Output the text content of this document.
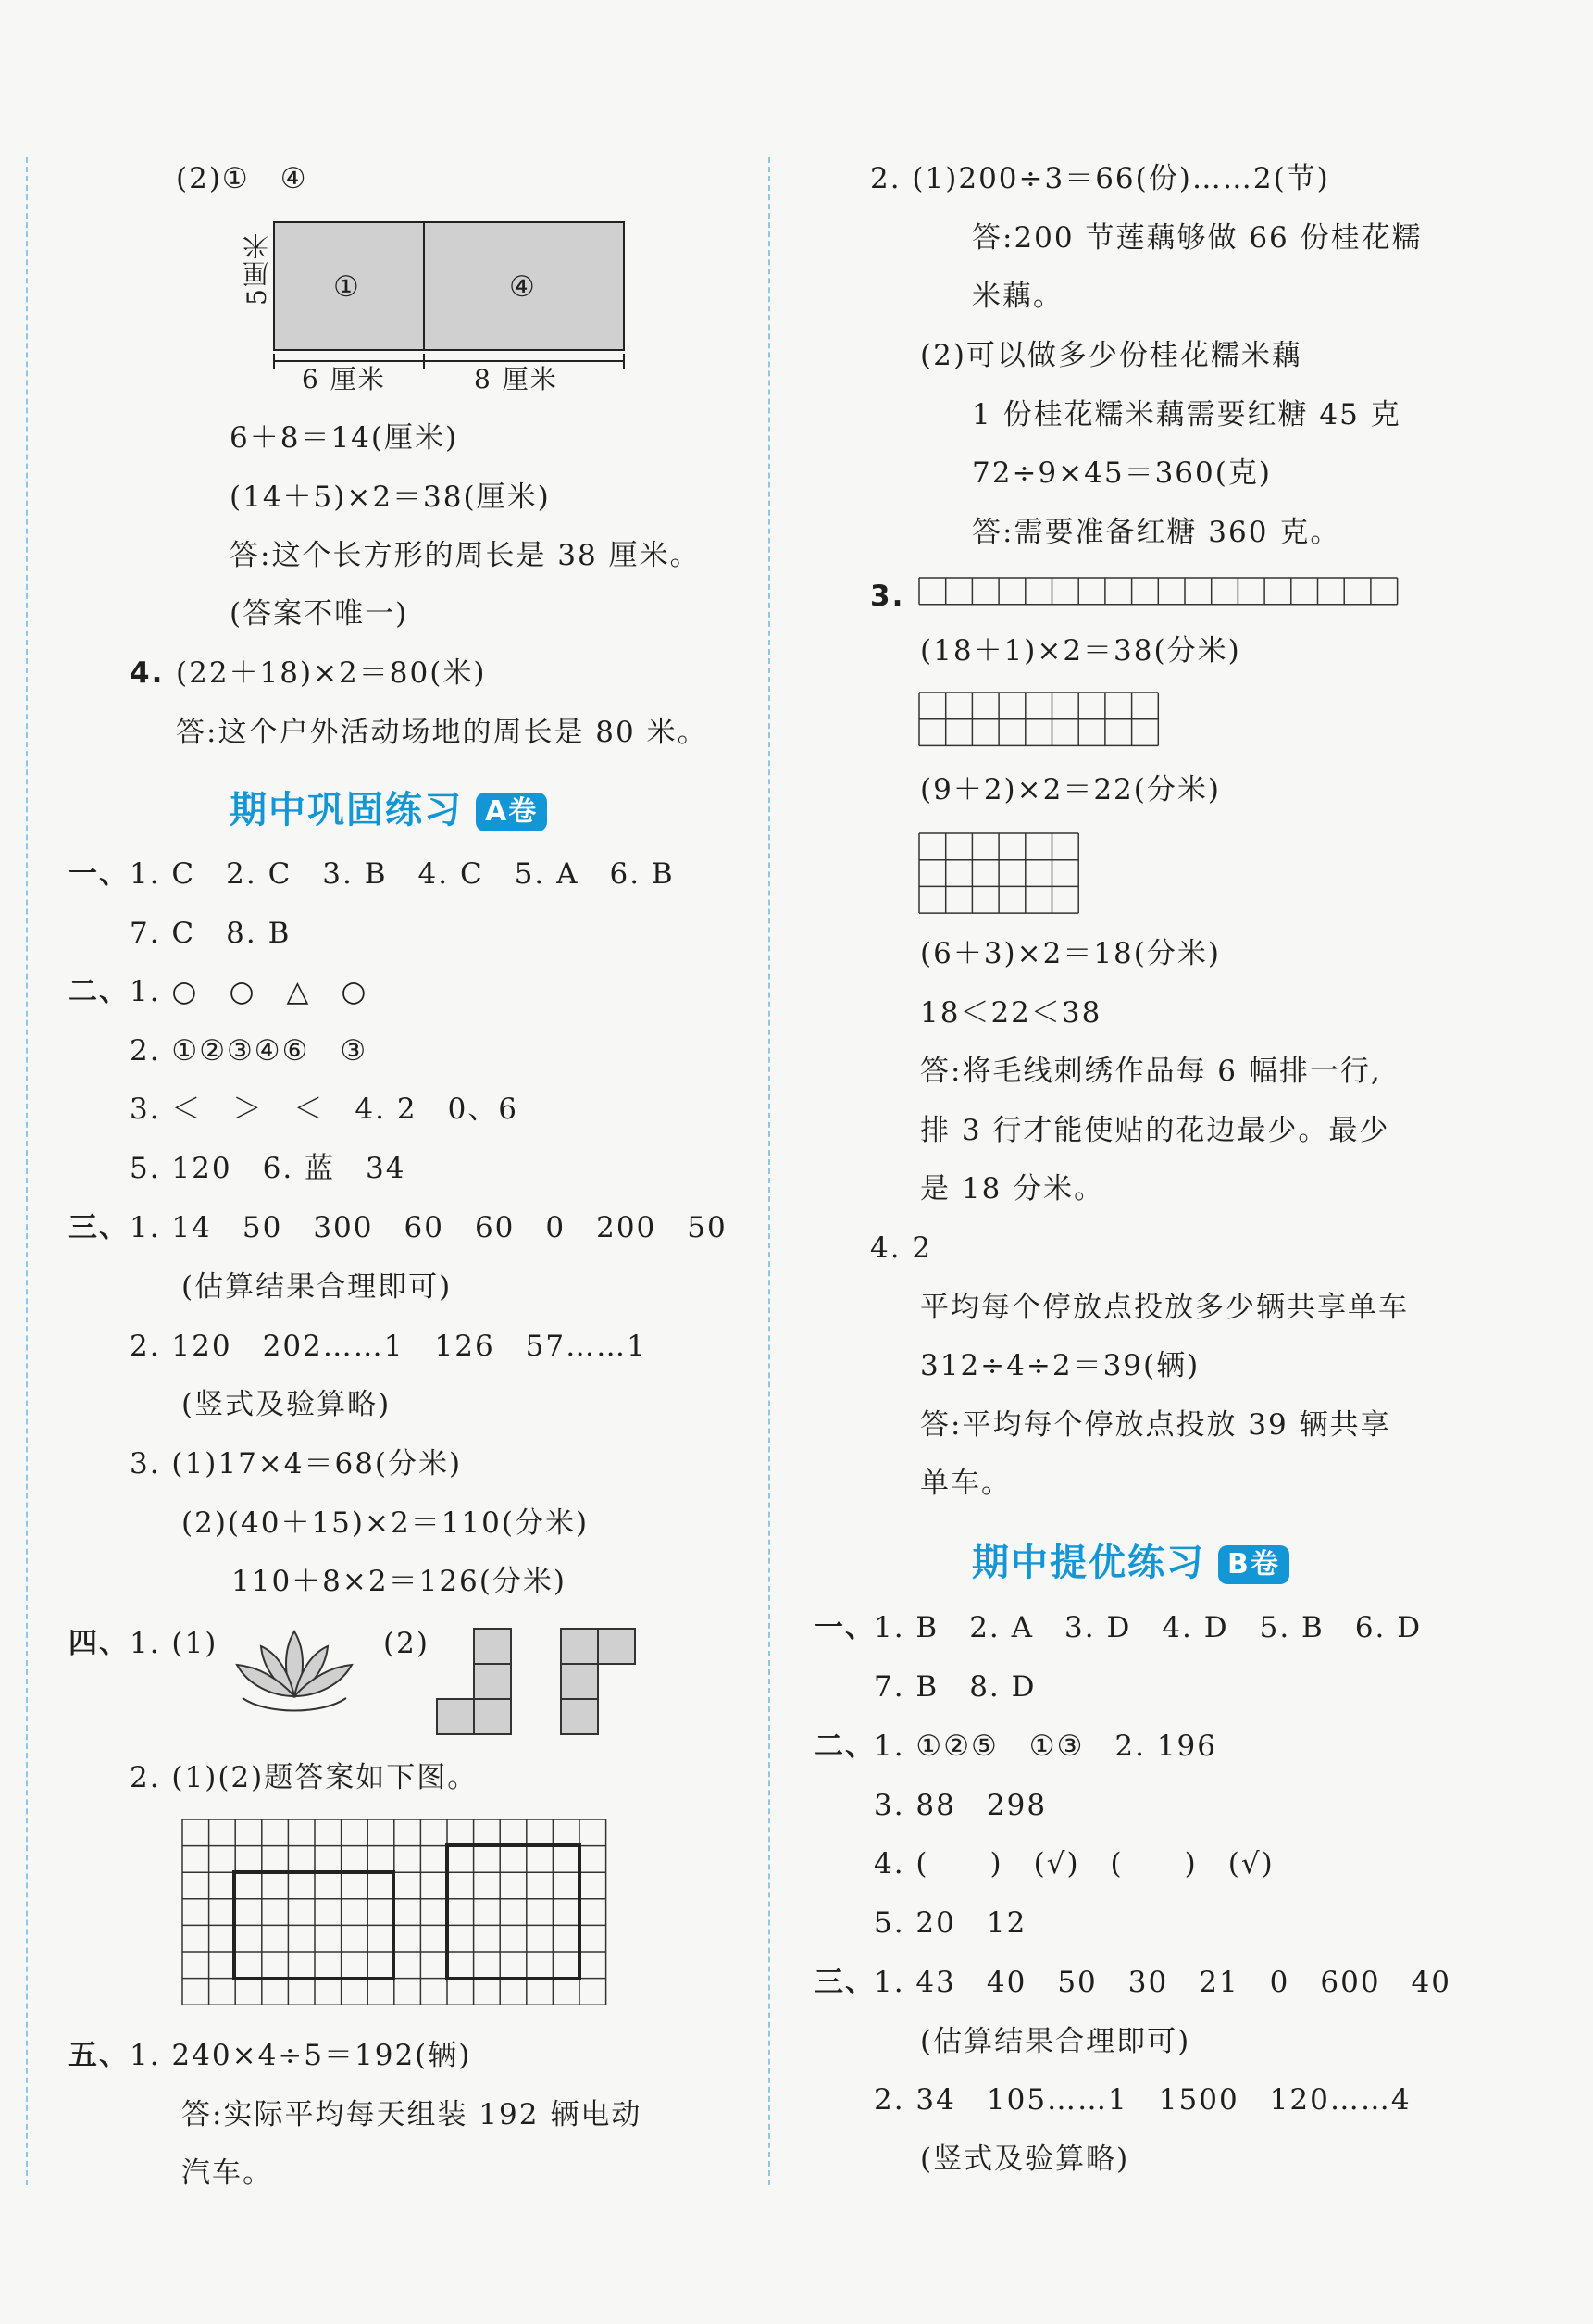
(2)①　④
①	④
5厘米
6 厘米	8 厘米
6＋8＝14(厘米)
(14＋5)×2＝38(厘米)
答:这个长方形的周长是 38 厘米。
(答案不唯一)
4. (22＋18)×2＝80(米)
答:这个户外活动场地的周长是 80 米。
期中巩固练习 A卷
一、 1. C　2. C　3. B　4. C　5. A　6. B
7. C　8. B
二、 1. ○　○　△　○
2. ①②③④⑥　③
3. ＜　＞　＜　4. 2　0、6
5. 120　6. 蓝　34
三、 1. 14　50　300　60　60　0　200　50
(估算结果合理即可)
2. 120　202……1　126　57……1
(竖式及验算略)
3. (1)17×4＝68(分米)
(2)(40＋15)×2＝110(分米)
110＋8×2＝126(分米)
四、 1. (1)	(2)
2. (1)(2)题答案如下图。
五、 1. 240×4÷5＝192(辆)
答:实际平均每天组装 192 辆电动
汽车。
2. (1)200÷3＝66(份)……2(节)
答:200 节莲藕够做 66 份桂花糯
米藕。
(2)可以做多少份桂花糯米藕
1 份桂花糯米藕需要红糖 45 克
72÷9×45＝360(克)
答:需要准备红糖 360 克。
3.
(18＋1)×2＝38(分米)
(9＋2)×2＝22(分米)
(6＋3)×2＝18(分米)
18＜22＜38
答:将毛线刺绣作品每 6 幅排一行,
排 3 行才能使贴的花边最少。最少
是 18 分米。
4. 2
平均每个停放点投放多少辆共享单车
312÷4÷2＝39(辆)
答:平均每个停放点投放 39 辆共享
单车。
期中提优练习 B卷
一、
1. B　2. A　3. D　4. D　5. B　6. D
7. B　8. D
二、
1. ①②⑤　①③　2. 196
3. 88　298
4. (　　)　(√)　(　　)　(√)
5. 20　12
三、
1. 43　40　50　30　21　0　600　40
(估算结果合理即可)
2. 34　105……1　1500　120……4
(竖式及验算略)
